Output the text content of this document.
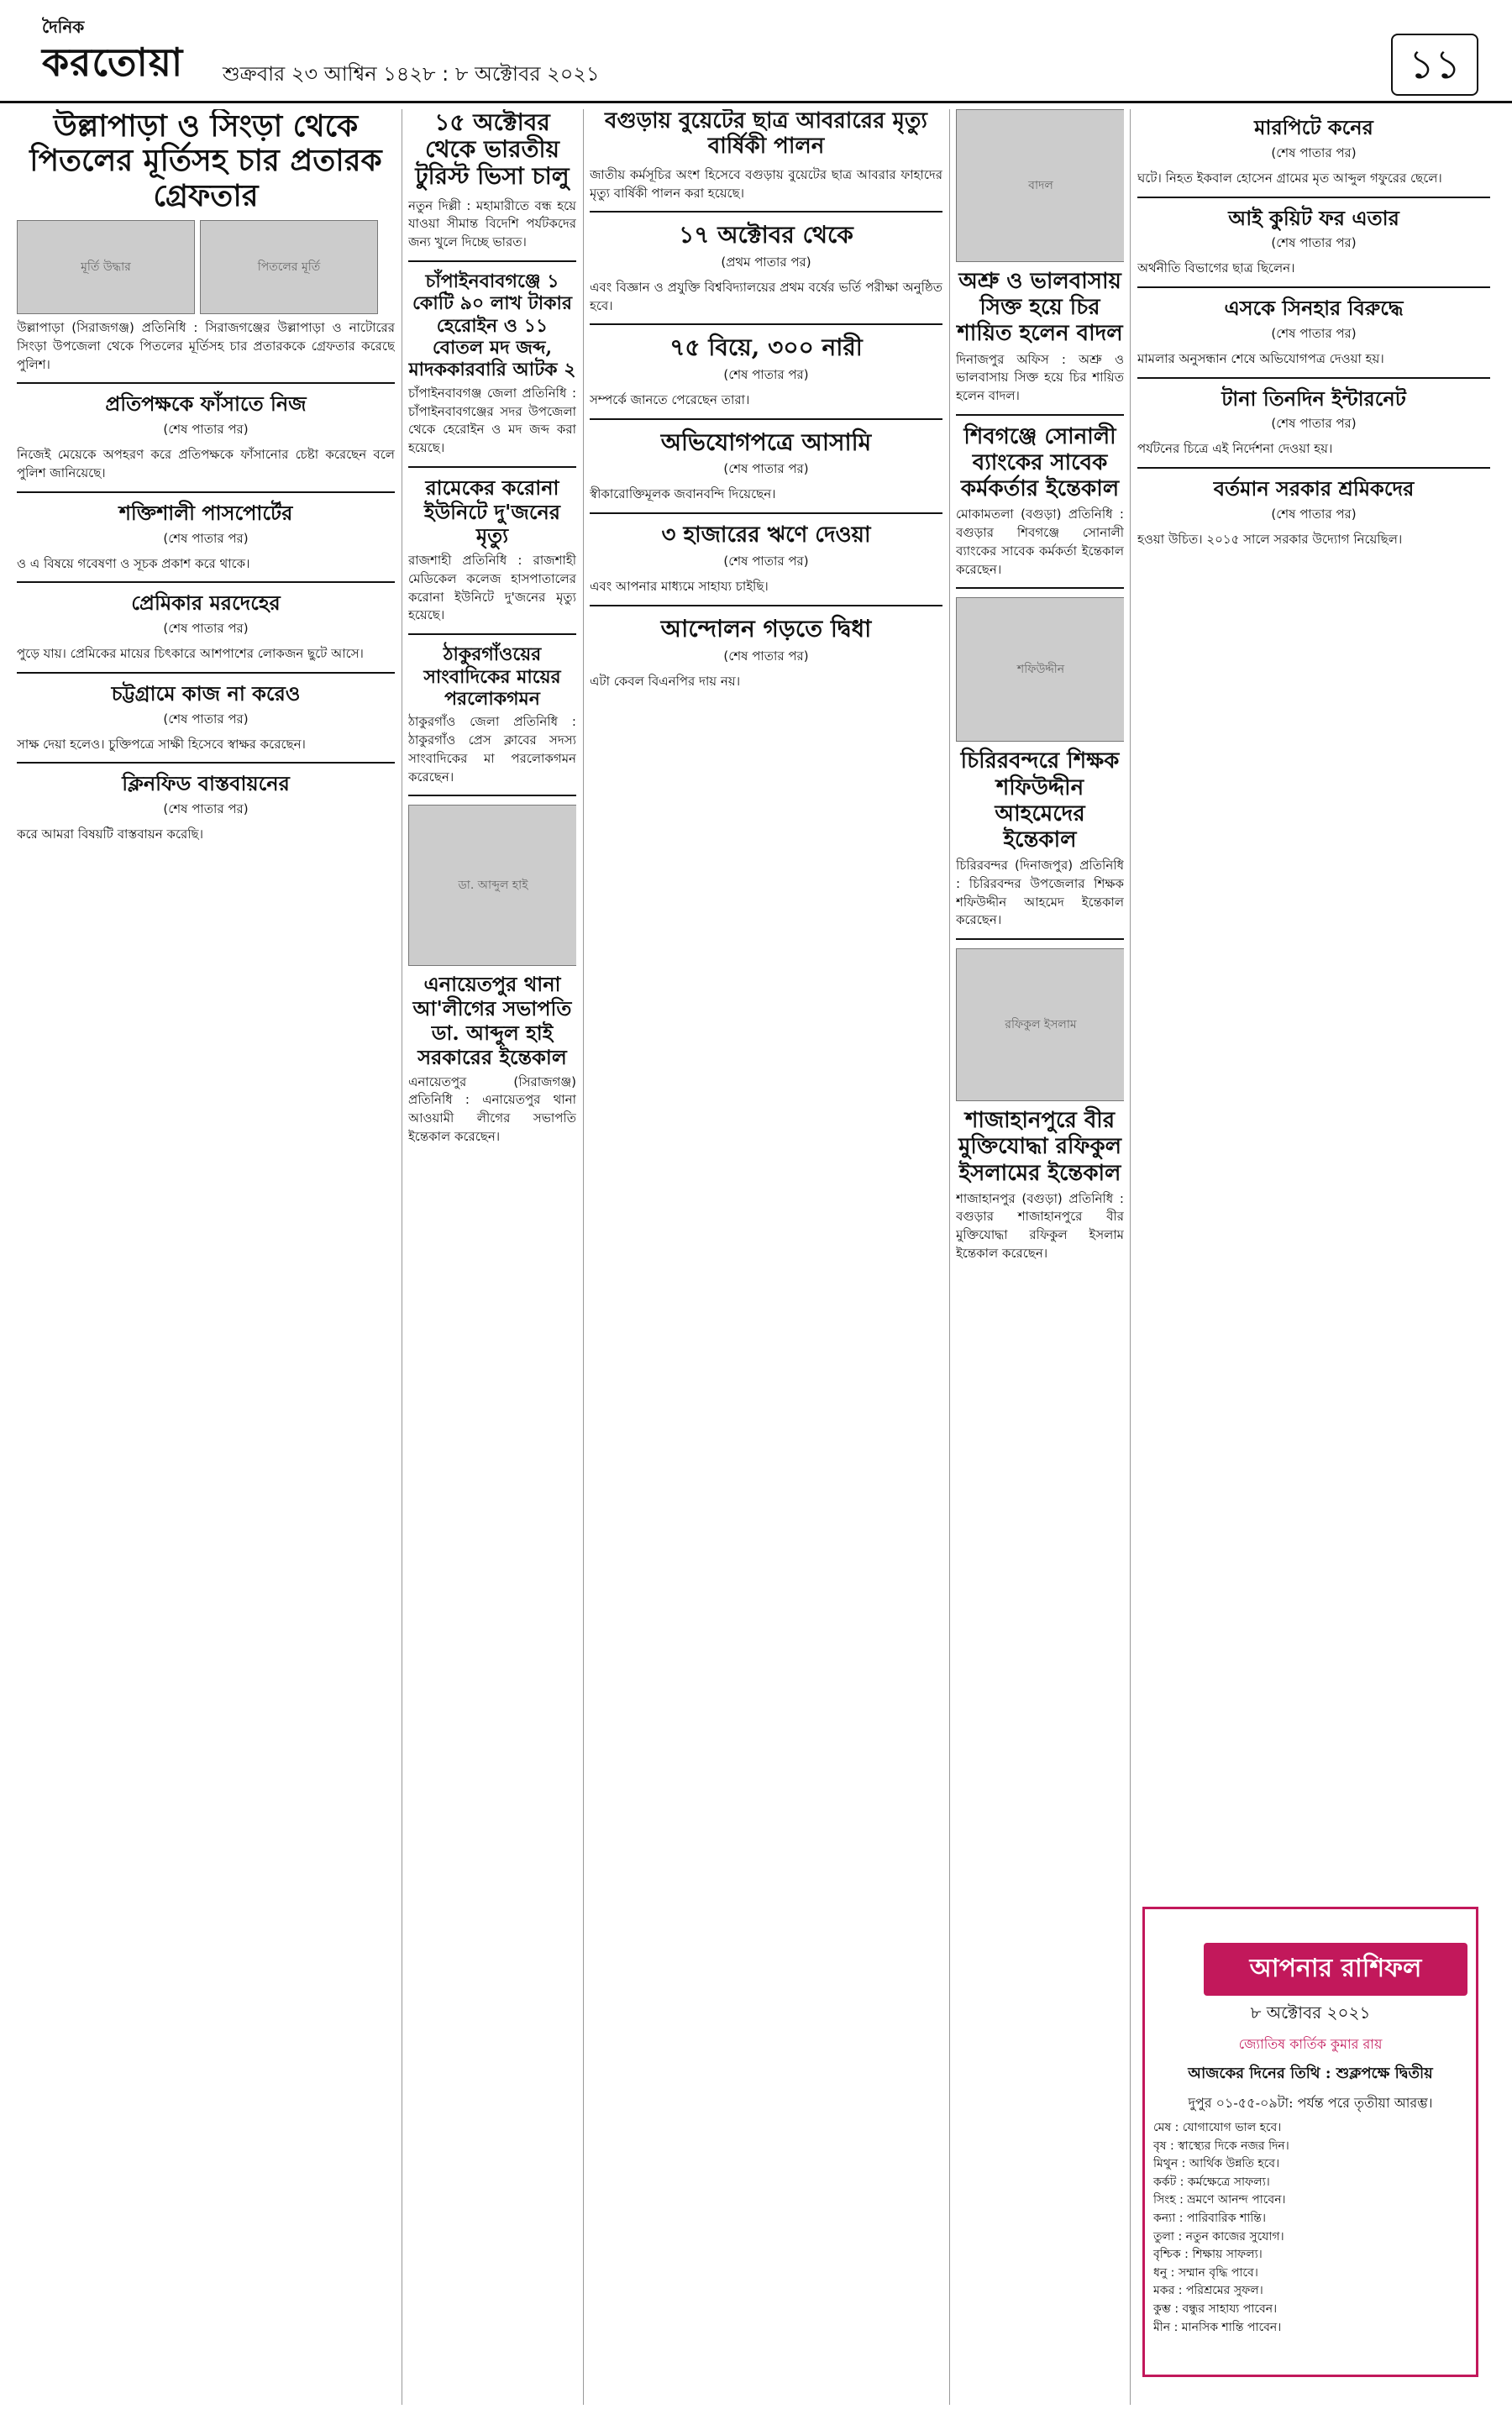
দৈনিক
করতোয়া	শুক্রবার ২৩ আশ্বিন ১৪২৮ : ৮ অক্টোবর ২০২১	১১
উল্লাপাড়া ও সিংড়া থেকে পিতলের মূর্তিসহ চার প্রতারক গ্রেফতার
মূর্তি উদ্ধার	পিতলের মূর্তি

উল্লাপাড়া (সিরাজগঞ্জ) প্রতিনিধি : সিরাজগঞ্জের উল্লাপাড়া ও নাটোরের সিংড়া উপজেলা থেকে পিতলের মূর্তিসহ চার প্রতারককে গ্রেফতার করেছে পুলিশ।

প্রতিপক্ষকে ফাঁসাতে নিজ
(শেষ পাতার পর)

নিজেই মেয়েকে অপহরণ করে প্রতিপক্ষকে ফাঁসানোর চেষ্টা করেছেন বলে পুলিশ জানিয়েছে।

শক্তিশালী পাসপোর্টের
(শেষ পাতার পর)

ও এ বিষয়ে গবেষণা ও সূচক প্রকাশ করে থাকে।

প্রেমিকার মরদেহের
(শেষ পাতার পর)

পুড়ে যায়। প্রেমিকের মায়ের চিৎকারে আশপাশের লোকজন ছুটে আসে।

চট্টগ্রামে কাজ না করেও
(শেষ পাতার পর)

সাক্ষ দেয়া হলেও। চুক্তিপত্রে সাক্ষী হিসেবে স্বাক্ষর করেছেন।

ক্লিনফিড বাস্তবায়নের
(শেষ পাতার পর)

করে আমরা বিষয়টি বাস্তবায়ন করেছি।

১৫ অক্টোবর থেকে ভারতীয় টুরিস্ট ভিসা চালু

নতুন দিল্লী : মহামারীতে বন্ধ হয়ে যাওয়া সীমান্ত বিদেশি পর্যটকদের জন্য খুলে দিচ্ছে ভারত।

চাঁপাইনবাবগঞ্জে ১ কোটি ৯০ লাখ টাকার হেরোইন ও ১১ বোতল মদ জব্দ, মাদককারবারি আটক ২

চাঁপাইনবাবগঞ্জ জেলা প্রতিনিধি : চাঁপাইনবাবগঞ্জের সদর উপজেলা থেকে হেরোইন ও মদ জব্দ করা হয়েছে।

রামেকের করোনা ইউনিটে দু'জনের মৃত্যু

রাজশাহী প্রতিনিধি : রাজশাহী মেডিকেল কলেজ হাসপাতালের করোনা ইউনিটে দু'জনের মৃত্যু হয়েছে।

ঠাকুরগাঁওয়ের সাংবাদিকের মায়ের পরলোকগমন

ঠাকুরগাঁও জেলা প্রতিনিধি : ঠাকুরগাঁও প্রেস ক্লাবের সদস্য সাংবাদিকের মা পরলোকগমন করেছেন।

ডা. আব্দুল হাই
এনায়েতপুর থানা আ'লীগের সভাপতি ডা. আব্দুল হাই সরকারের ইন্তেকাল

এনায়েতপুর (সিরাজগঞ্জ) প্রতিনিধি : এনায়েতপুর থানা আওয়ামী লীগের সভাপতি ইন্তেকাল করেছেন।

বগুড়ায় বুয়েটের ছাত্র আবরারের মৃত্যু বার্ষিকী পালন

জাতীয় কর্মসূচির অংশ হিসেবে বগুড়ায় বুয়েটের ছাত্র আবরার ফাহাদের মৃত্যু বার্ষিকী পালন করা হয়েছে।

১৭ অক্টোবর থেকে
(প্রথম পাতার পর)

এবং বিজ্ঞান ও প্রযুক্তি বিশ্ববিদ্যালয়ের প্রথম বর্ষের ভর্তি পরীক্ষা অনুষ্ঠিত হবে।

৭৫ বিয়ে, ৩০০ নারী
(শেষ পাতার পর)

সম্পর্কে জানতে পেরেছেন তারা।

অভিযোগপত্রে আসামি
(শেষ পাতার পর)

স্বীকারোক্তিমূলক জবানবন্দি দিয়েছেন।

৩ হাজারের ঋণে দেওয়া
(শেষ পাতার পর)

এবং আপনার মাধ্যমে সাহায্য চাইছি।

আন্দোলন গড়তে দ্বিধা
(শেষ পাতার পর)

এটা কেবল বিএনপির দায় নয়।

বাদল
অশ্রু ও ভালবাসায় সিক্ত হয়ে চির শায়িত হলেন বাদল

দিনাজপুর অফিস : অশ্রু ও ভালবাসায় সিক্ত হয়ে চির শায়িত হলেন বাদল।

শিবগঞ্জে সোনালী ব্যাংকের সাবেক কর্মকর্তার ইন্তেকাল

মোকামতলা (বগুড়া) প্রতিনিধি : বগুড়ার শিবগঞ্জে সোনালী ব্যাংকের সাবেক কর্মকর্তা ইন্তেকাল করেছেন।

শফিউদ্দীন
চিরিরবন্দরে শিক্ষক শফিউদ্দীন আহমেদের ইন্তেকাল

চিরিরবন্দর (দিনাজপুর) প্রতিনিধি : চিরিরবন্দর উপজেলার শিক্ষক শফিউদ্দীন আহমেদ ইন্তেকাল করেছেন।

রফিকুল ইসলাম
শাজাহানপুরে বীর মুক্তিযোদ্ধা রফিকুল ইসলামের ইন্তেকাল

শাজাহানপুর (বগুড়া) প্রতিনিধি : বগুড়ার শাজাহানপুরে বীর মুক্তিযোদ্ধা রফিকুল ইসলাম ইন্তেকাল করেছেন।

মারপিটে কনের
(শেষ পাতার পর)

ঘটে। নিহত ইকবাল হোসেন গ্রামের মৃত আব্দুল গফুরের ছেলে।

আই কুয়িট ফর এতার
(শেষ পাতার পর)

অর্থনীতি বিভাগের ছাত্র ছিলেন।

এসকে সিনহার বিরুদ্ধে
(শেষ পাতার পর)

মামলার অনুসন্ধান শেষে অভিযোগপত্র দেওয়া হয়।

টানা তিনদিন ইন্টারনেট
(শেষ পাতার পর)

পর্যটনের চিত্রে এই নির্দেশনা দেওয়া হয়।

বর্তমান সরকার শ্রমিকদের
(শেষ পাতার পর)

হওয়া উচিত। ২০১৫ সালে সরকার উদ্যোগ নিয়েছিল।

আপনার রাশিফল
৮ অক্টোবর ২০২১
জ্যোতিষ কার্তিক কুমার রায়
আজকের দিনের তিথি : শুক্লপক্ষে দ্বিতীয়
দুপুর ০১-৫৫-০৯টা: পর্যন্ত পরে তৃতীয়া আরম্ভ।
মেষ : যোগাযোগ ভাল হবে।
বৃষ : স্বাস্থ্যের দিকে নজর দিন।
মিথুন : আর্থিক উন্নতি হবে।
কর্কট : কর্মক্ষেত্রে সাফল্য।
সিংহ : ভ্রমণে আনন্দ পাবেন।
কন্যা : পারিবারিক শান্তি।
তুলা : নতুন কাজের সুযোগ।
বৃশ্চিক : শিক্ষায় সাফল্য।
ধনু : সম্মান বৃদ্ধি পাবে।
মকর : পরিশ্রমের সুফল।
কুম্ভ : বন্ধুর সাহায্য পাবেন।
মীন : মানসিক শান্তি পাবেন।
